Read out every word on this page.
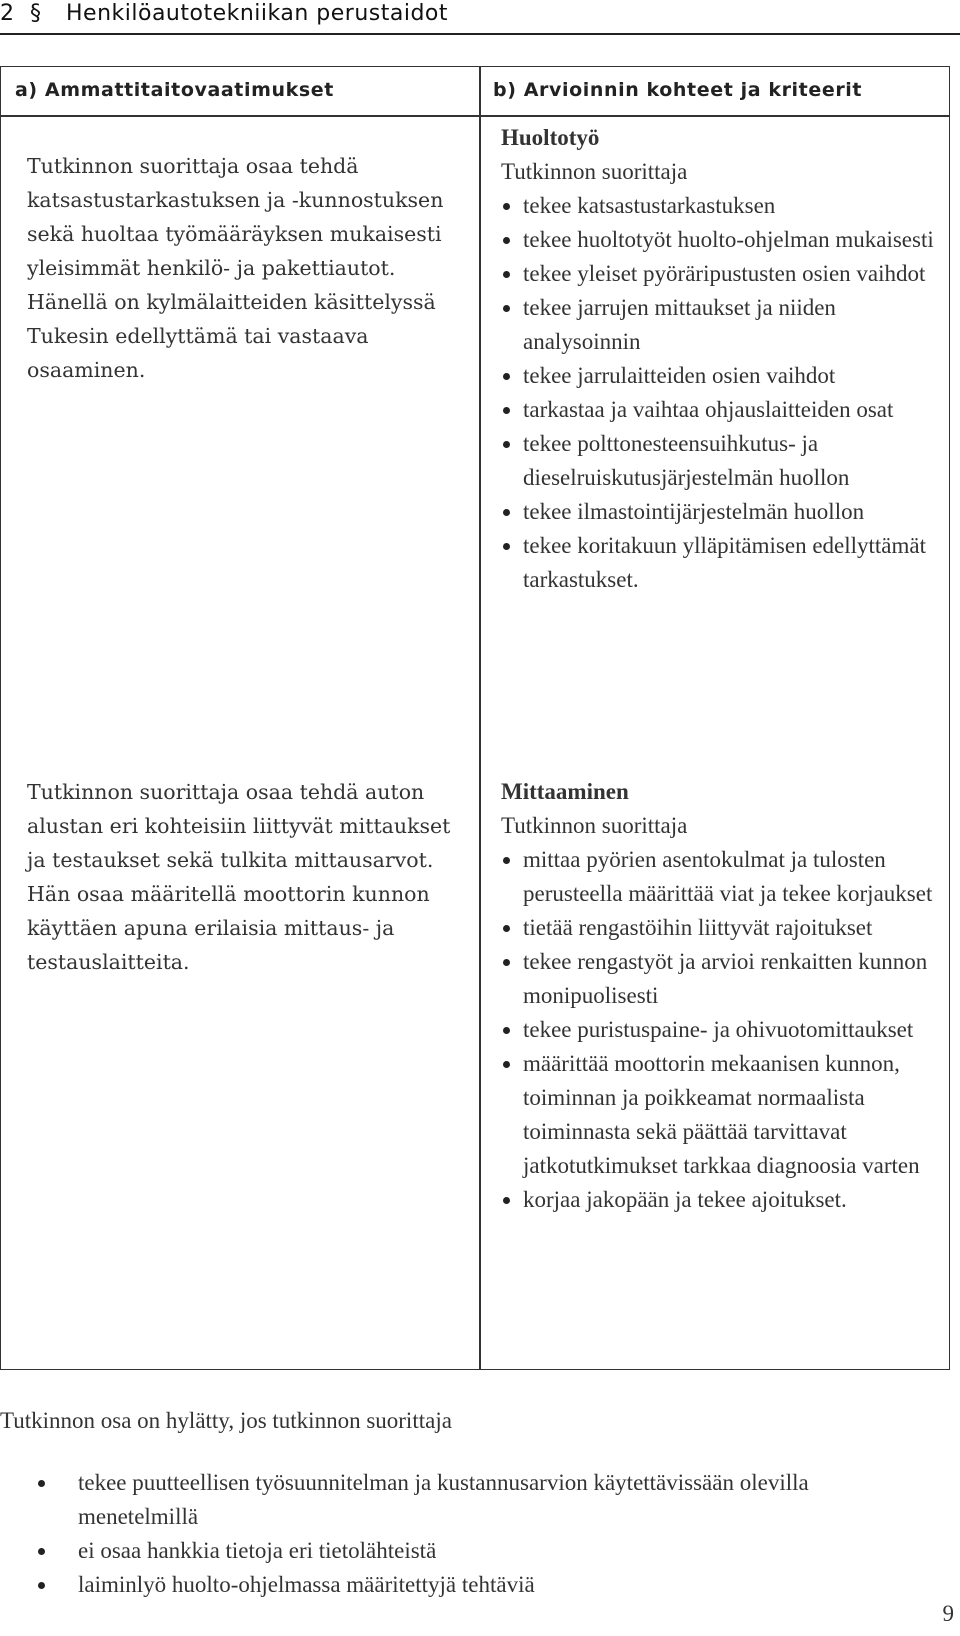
2 § Henkilöautotekniikan perustaidot
a) Ammattitaitovaatimukset	b) Arvioinnin kohteet ja kriteerit
Tutkinnon suorittaja osaa tehdä katsastustarkastuksen ja -kunnostuksen sekä huoltaa työmääräyksen mukaisesti yleisimmät henkilö- ja pakettiautot. Hänellä on kylmälaitteiden käsittelyssä Tukesin edellyttämä tai vastaava osaaminen.
Tutkinnon suorittaja osaa tehdä auton alustan eri kohteisiin liittyvät mittaukset ja testaukset sekä tulkita mittausarvot. Hän osaa määritellä moottorin kunnon käyttäen apuna erilaisia mittaus- ja testauslaitteita.
Huoltotyö
Tutkinnon suorittaja
tekee katsastustarkastuksen
tekee huoltotyöt huolto-ohjelman mukaisesti
tekee yleiset pyöräripustusten osien vaihdot
tekee jarrujen mittaukset ja niiden analysoinnin
tekee jarrulaitteiden osien vaihdot
tarkastaa ja vaihtaa ohjauslaitteiden osat
tekee polttonesteensuihkutus- ja dieselruiskutusjärjestelmän huollon
tekee ilmastointijärjestelmän huollon
tekee koritakuun ylläpitämisen edellyttämät tarkastukset.
Mittaaminen
Tutkinnon suorittaja
mittaa pyörien asentokulmat ja tulosten perusteella määrittää viat ja tekee korjaukset
tietää rengastöihin liittyvät rajoitukset
tekee rengastyöt ja arvioi renkaitten kunnon monipuolisesti
tekee puristuspaine- ja ohivuotomittaukset
määrittää moottorin mekaanisen kunnon, toiminnan ja poikkeamat normaalista toiminnasta sekä päättää tarvittavat jatkotutkimukset tarkkaa diagnoosia varten
korjaa jakopään ja tekee ajoitukset.

Tutkinnon osa on hylätty, jos tutkinnon suorittaja

tekee puutteellisen työsuunnitelman ja kustannusarvion käytettävissään olevilla menetelmillä
ei osaa hankkia tietoja eri tietolähteistä
laiminlyö huolto-ohjelmassa määritettyjä tehtäviä
9
